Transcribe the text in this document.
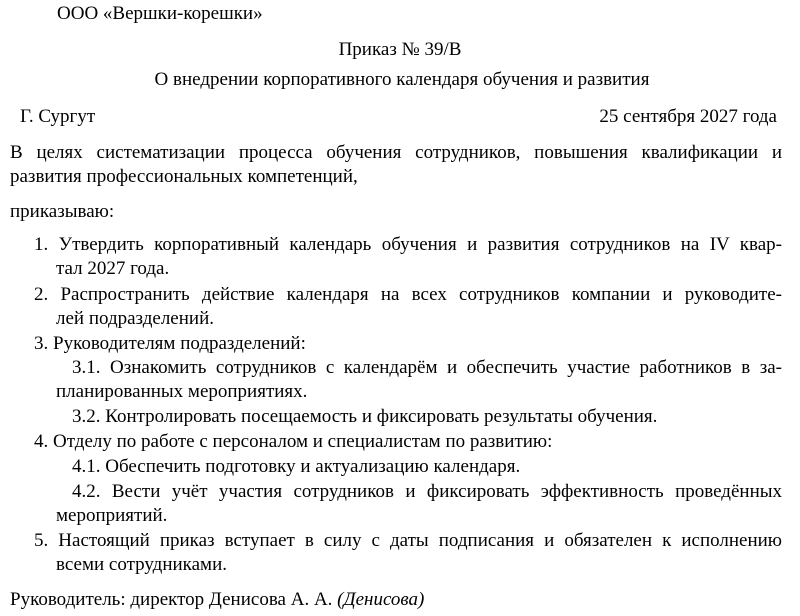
ООО «Вершки-корешки»
Приказ № 39/В
О внедрении корпоративного календаря обучения и развития
Г. Сургут	25 сентября 2027 года
В целях систематизации процесса обучения сотрудников, повышения квалификации и
развития профессиональных компетенций,
приказываю:
1. Утвердить корпоративный календарь обучения и развития сотрудников на IV квар-
тал 2027 года.
2. Распространить действие календаря на всех сотрудников компании и руководите-
лей подразделений.
3. Руководителям подразделений:
3.1. Ознакомить сотрудников с календарём и обеспечить участие работников в за-
планированных мероприятиях.
3.2. Контролировать посещаемость и фиксировать результаты обучения.
4. Отделу по работе с персоналом и специалистам по развитию:
4.1. Обеспечить подготовку и актуализацию календаря.
4.2. Вести учёт участия сотрудников и фиксировать эффективность проведённых
мероприятий.
5. Настоящий приказ вступает в силу с даты подписания и обязателен к исполнению
всеми сотрудниками.
Руководитель: директор Денисова А. А. (Денисова)
